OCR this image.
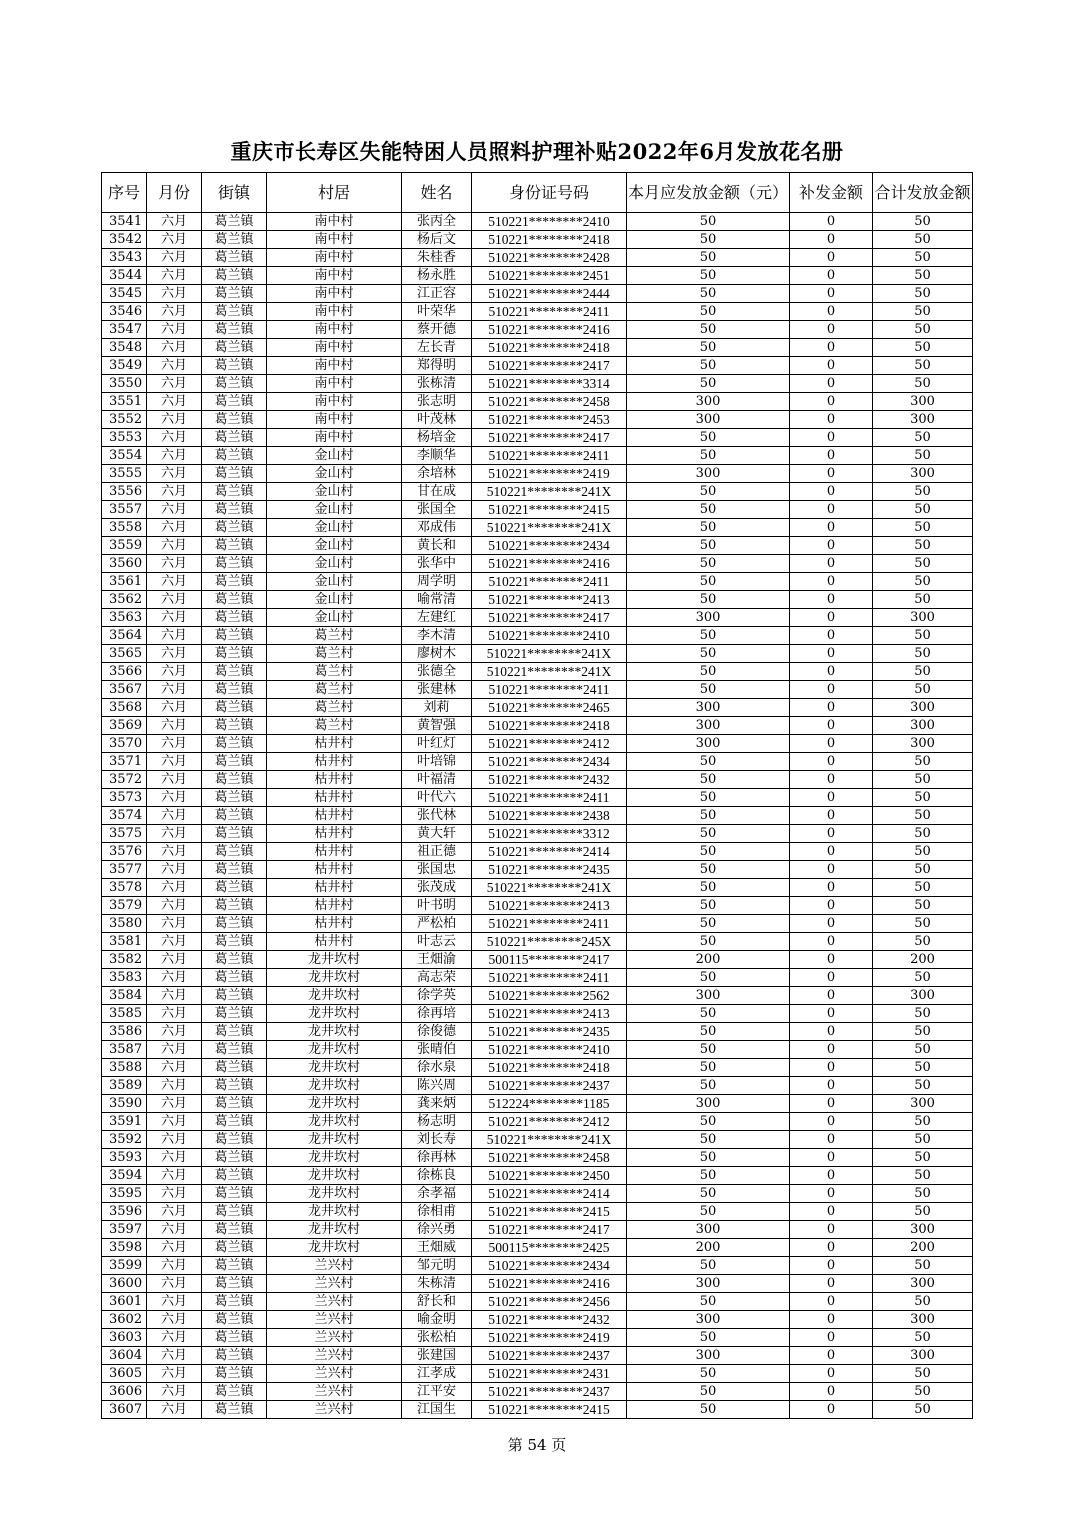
重庆市长寿区失能特困人员照料护理补贴2022年6月发放花名册
序号	月份	街镇	村居	姓名	身份证号码	本月应发放金额（元）	补发金额	合计发放金额
3541	六月	葛兰镇	南中村	张丙全	510221********2410	50	0	50
3542	六月	葛兰镇	南中村	杨后文	510221********2418	50	0	50
3543	六月	葛兰镇	南中村	朱桂香	510221********2428	50	0	50
3544	六月	葛兰镇	南中村	杨永胜	510221********2451	50	0	50
3545	六月	葛兰镇	南中村	江正容	510221********2444	50	0	50
3546	六月	葛兰镇	南中村	叶荣华	510221********2411	50	0	50
3547	六月	葛兰镇	南中村	蔡开德	510221********2416	50	0	50
3548	六月	葛兰镇	南中村	左长青	510221********2418	50	0	50
3549	六月	葛兰镇	南中村	郑得明	510221********2417	50	0	50
3550	六月	葛兰镇	南中村	张栋清	510221********3314	50	0	50
3551	六月	葛兰镇	南中村	张志明	510221********2458	300	0	300
3552	六月	葛兰镇	南中村	叶茂林	510221********2453	300	0	300
3553	六月	葛兰镇	南中村	杨培金	510221********2417	50	0	50
3554	六月	葛兰镇	金山村	李顺华	510221********2411	50	0	50
3555	六月	葛兰镇	金山村	余培林	510221********2419	300	0	300
3556	六月	葛兰镇	金山村	甘在成	510221********241X	50	0	50
3557	六月	葛兰镇	金山村	张国全	510221********2415	50	0	50
3558	六月	葛兰镇	金山村	邓成伟	510221********241X	50	0	50
3559	六月	葛兰镇	金山村	黄长和	510221********2434	50	0	50
3560	六月	葛兰镇	金山村	张华中	510221********2416	50	0	50
3561	六月	葛兰镇	金山村	周学明	510221********2411	50	0	50
3562	六月	葛兰镇	金山村	喻常清	510221********2413	50	0	50
3563	六月	葛兰镇	金山村	左建红	510221********2417	300	0	300
3564	六月	葛兰镇	葛兰村	李木清	510221********2410	50	0	50
3565	六月	葛兰镇	葛兰村	廖树木	510221********241X	50	0	50
3566	六月	葛兰镇	葛兰村	张德全	510221********241X	50	0	50
3567	六月	葛兰镇	葛兰村	张建林	510221********2411	50	0	50
3568	六月	葛兰镇	葛兰村	刘莉	510221********2465	300	0	300
3569	六月	葛兰镇	葛兰村	黄智强	510221********2418	300	0	300
3570	六月	葛兰镇	枯井村	叶红灯	510221********2412	300	0	300
3571	六月	葛兰镇	枯井村	叶培锦	510221********2434	50	0	50
3572	六月	葛兰镇	枯井村	叶福清	510221********2432	50	0	50
3573	六月	葛兰镇	枯井村	叶代六	510221********2411	50	0	50
3574	六月	葛兰镇	枯井村	张代林	510221********2438	50	0	50
3575	六月	葛兰镇	枯井村	黄大轩	510221********3312	50	0	50
3576	六月	葛兰镇	枯井村	祖正德	510221********2414	50	0	50
3577	六月	葛兰镇	枯井村	张国忠	510221********2435	50	0	50
3578	六月	葛兰镇	枯井村	张茂成	510221********241X	50	0	50
3579	六月	葛兰镇	枯井村	叶书明	510221********2413	50	0	50
3580	六月	葛兰镇	枯井村	严松柏	510221********2411	50	0	50
3581	六月	葛兰镇	枯井村	叶志云	510221********245X	50	0	50
3582	六月	葛兰镇	龙井坎村	王畑渝	500115********2417	200	0	200
3583	六月	葛兰镇	龙井坎村	高志荣	510221********2411	50	0	50
3584	六月	葛兰镇	龙井坎村	徐学英	510221********2562	300	0	300
3585	六月	葛兰镇	龙井坎村	徐再培	510221********2413	50	0	50
3586	六月	葛兰镇	龙井坎村	徐俊德	510221********2435	50	0	50
3587	六月	葛兰镇	龙井坎村	张晴伯	510221********2410	50	0	50
3588	六月	葛兰镇	龙井坎村	徐水泉	510221********2418	50	0	50
3589	六月	葛兰镇	龙井坎村	陈兴周	510221********2437	50	0	50
3590	六月	葛兰镇	龙井坎村	龚来炳	512224********1185	300	0	300
3591	六月	葛兰镇	龙井坎村	杨志明	510221********2412	50	0	50
3592	六月	葛兰镇	龙井坎村	刘长寿	510221********241X	50	0	50
3593	六月	葛兰镇	龙井坎村	徐再林	510221********2458	50	0	50
3594	六月	葛兰镇	龙井坎村	徐栋良	510221********2450	50	0	50
3595	六月	葛兰镇	龙井坎村	余孝福	510221********2414	50	0	50
3596	六月	葛兰镇	龙井坎村	徐相甫	510221********2415	50	0	50
3597	六月	葛兰镇	龙井坎村	徐兴勇	510221********2417	300	0	300
3598	六月	葛兰镇	龙井坎村	王畑威	500115********2425	200	0	200
3599	六月	葛兰镇	兰兴村	邹元明	510221********2434	50	0	50
3600	六月	葛兰镇	兰兴村	朱栋清	510221********2416	300	0	300
3601	六月	葛兰镇	兰兴村	舒长和	510221********2456	50	0	50
3602	六月	葛兰镇	兰兴村	喻金明	510221********2432	300	0	300
3603	六月	葛兰镇	兰兴村	张松柏	510221********2419	50	0	50
3604	六月	葛兰镇	兰兴村	张建国	510221********2437	300	0	300
3605	六月	葛兰镇	兰兴村	江孝成	510221********2431	50	0	50
3606	六月	葛兰镇	兰兴村	江平安	510221********2437	50	0	50
3607	六月	葛兰镇	兰兴村	江国生	510221********2415	50	0	50
第 54 页
